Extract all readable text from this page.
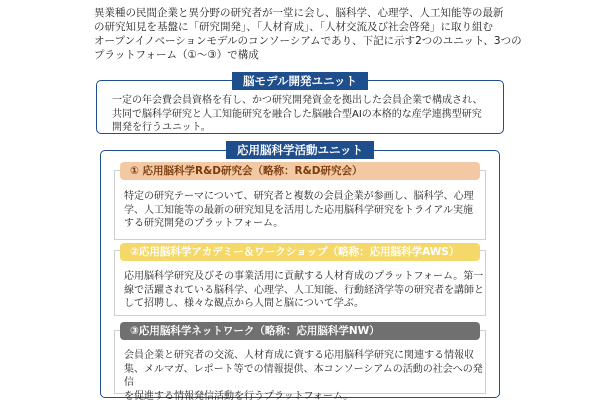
異業種の民間企業と異分野の研究者が一堂に会し、脳科学、心理学、人工知能等の最新
の研究知見を基盤に「研究開発」、「人材育成」、「人材交流及び社会啓発」に取り組む
オープンイノベーションモデルのコンソーシアムであり、下記に示す2つのユニット、3つの
プラットフォーム（①～③）で構成
脳モデル開発ユニット
一定の年会費会員資格を有し、かつ研究開発資金を拠出した会員企業で構成され、
共同で脳科学研究と人工知能研究を融合した脳融合型AIの本格的な産学連携型研究
開発を行うユニット。
応用脳科学活動ユニット
① 応用脳科学R&D研究会（略称：R&D研究会）
特定の研究テーマについて、研究者と複数の会員企業が参画し、脳科学、心理
学、人工知能等の最新の研究知見を活用した応用脳科学研究をトライアル実施
する研究開発のプラットフォーム。
②応用脳科学アカデミー＆ワークショップ（略称：応用脳科学AWS）
応用脳科学研究及びその事業活用に貢献する人材育成のプラットフォーム。第一
線で活躍されている脳科学、心理学、人工知能、行動経済学等の研究者を講師と
して招聘し、様々な観点から人間と脳について学ぶ。
③応用脳科学ネットワーク（略称：応用脳科学NW）
会員企業と研究者の交流、人材育成に資する応用脳科学研究に関連する情報収
集、メルマガ、レポート等での情報提供、本コンソーシアムの活動の社会への発信
を促進する情報発信活動を行うプラットフォーム。
